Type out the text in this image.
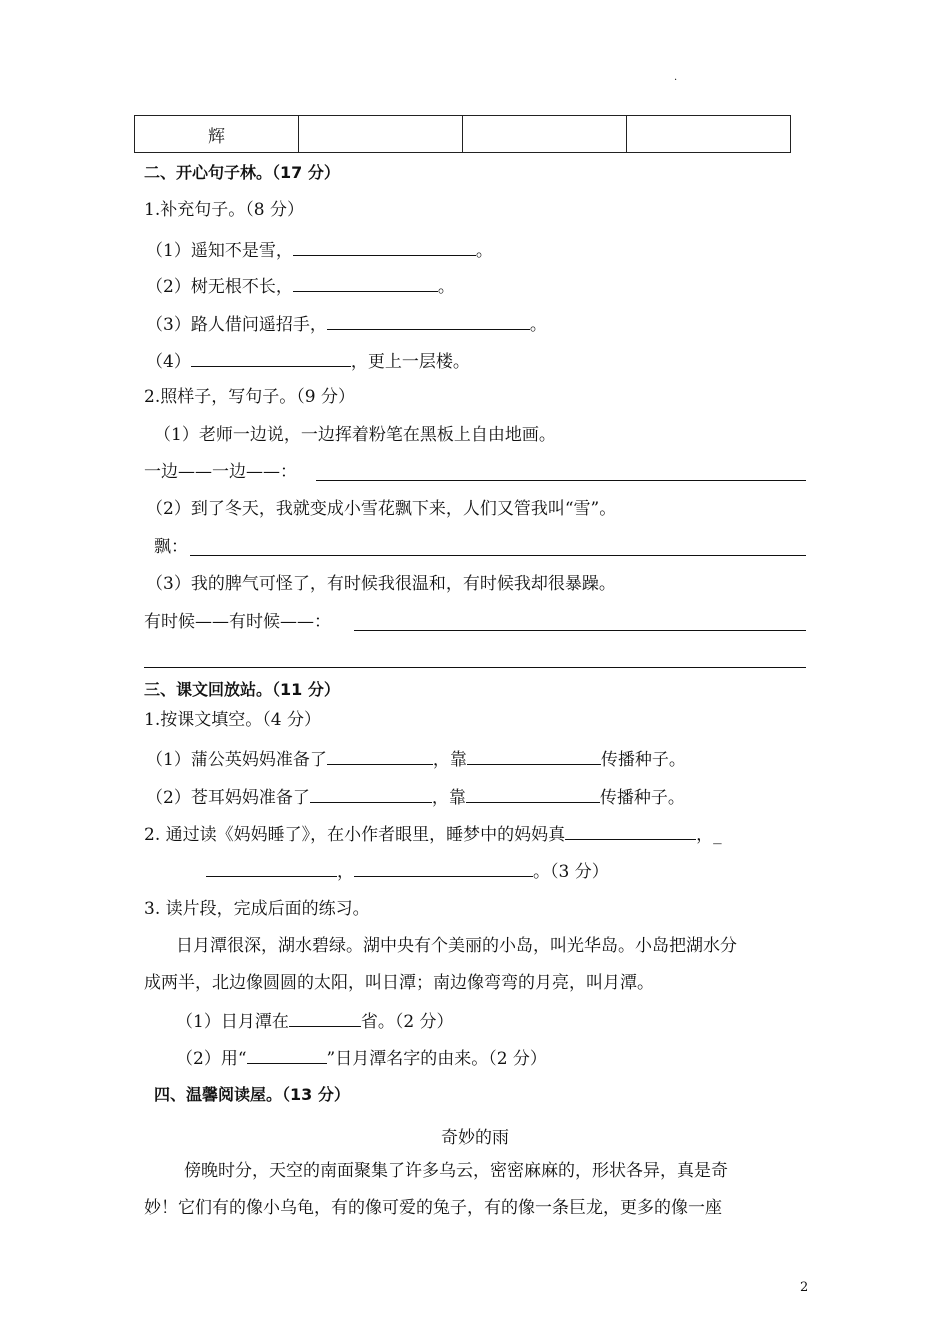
.
辉			
二、开心句子林。（17 分）
1.补充句子。（8 分）
（1）遥知不是雪，	。
（2）树无根不长，	。
（3）路人借问遥招手，	。
（4）	，更上一层楼。
2.照样子，写句子。（9 分）
（1）老师一边说，一边挥着粉笔在黑板上自由地画。
一边——一边——：
（2）到了冬天，我就变成小雪花飘下来，人们又管我叫“雪”。
飘：
（3）我的脾气可怪了，有时候我很温和，有时候我却很暴躁。
有时候——有时候——：
三、课文回放站。（11 分）
1.按课文填空。（4 分）
（1）蒲公英妈妈准备了	，靠	传播种子。
（2）苍耳妈妈准备了	，靠	传播种子。
2. 通过读《妈妈睡了》，在小作者眼里，睡梦中的妈妈真	，_
，	。（3 分）
3. 读片段，完成后面的练习。
日月潭很深，湖水碧绿。湖中央有个美丽的小岛，叫光华岛。小岛把湖水分
成两半，北边像圆圆的太阳，叫日潭；南边像弯弯的月亮，叫月潭。
（1）日月潭在	省。（2 分）
（2）用“	”日月潭名字的由来。（2 分）
四、温馨阅读屋。（13 分）
奇妙的雨
傍晚时分，天空的南面聚集了许多乌云，密密麻麻的，形状各异，真是奇
妙！它们有的像小乌龟，有的像可爱的兔子，有的像一条巨龙，更多的像一座
2
